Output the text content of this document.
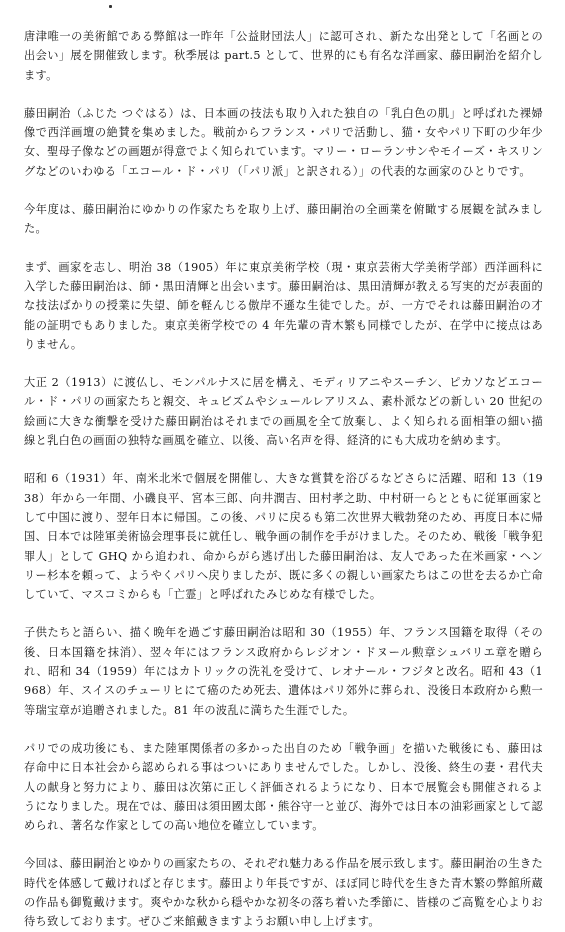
唐津唯一の美術館である弊館は一昨年「公益財団法人」に認可され、新たな出発として「名画との出会い」展を開催致します。秋季展は part.5 として、世界的にも有名な洋画家、藤田嗣治を紹介します。

藤田嗣治（ふじた つぐはる）は、日本画の技法も取り入れた独自の「乳白色の肌」と呼ばれた裸婦像で西洋画壇の絶賛を集めました。戦前からフランス・パリで活動し、猫・女やパリ下町の少年少女、聖母子像などの画題が得意でよく知られています。マリー・ローランサンやモイーズ・キスリングなどのいわゆる「エコール・ド・パリ（「パリ派」と訳される）」の代表的な画家のひとりです。

今年度は、藤田嗣治にゆかりの作家たちを取り上げ、藤田嗣治の全画業を俯瞰する展観を試みました。

まず、画家を志し、明治 38（1905）年に東京美術学校（現・東京芸術大学美術学部）西洋画科に入学した藤田嗣治は、師・黒田清輝と出会います。藤田嗣治は、黒田清輝が教える写実的だが表面的な技法ばかりの授業に失望、師を軽んじる傲岸不遜な生徒でした。が、一方でそれは藤田嗣治の才能の証明でもありました。東京美術学校での 4 年先輩の青木繁も同様でしたが、在学中に接点はありません。

大正 2（1913）に渡仏し、モンパルナスに居を構え、モディリアニやスーチン、ピカソなどエコール・ド・パリの画家たちと親交、キュビズムやシュールレアリスム、素朴派などの新しい 20 世紀の絵画に大きな衝撃を受けた藤田嗣治はそれまでの画風を全て放棄し、よく知られる面相筆の細い描線と乳白色の画面の独特な画風を確立、以後、高い名声を得、経済的にも大成功を納めます。

昭和 6（1931）年、南米北米で個展を開催し、大きな賞賛を浴びるなどさらに活躍、昭和 13（1938）年から一年間、小磯良平、宮本三郎、向井潤吉、田村孝之助、中村研一らとともに従軍画家として中国に渡り、翌年日本に帰国。この後、パリに戻るも第二次世界大戦勃発のため、再度日本に帰国、日本では陸軍美術協会理事長に就任し、戦争画の制作を手がけました。そのため、戦後「戦争犯罪人」として GHQ から追われ、命からがら逃げ出した藤田嗣治は、友人であった在米画家・ヘンリー杉本を頼って、ようやくパリへ戻りましたが、既に多くの親しい画家たちはこの世を去るか亡命していて、マスコミからも「亡霊」と呼ばれたみじめな有様でした。

子供たちと語らい、描く晩年を過ごす藤田嗣治は昭和 30（1955）年、フランス国籍を取得（その後、日本国籍を抹消）、翌々年にはフランス政府からレジオン・ドヌール勲章シュバリエ章を贈られ、昭和 34（1959）年にはカトリックの洗礼を受けて、レオナール・フジタと改名。昭和 43（1968）年、スイスのチューリヒにて癌のため死去、遺体はパリ郊外に葬られ、没後日本政府から勲一等瑞宝章が追贈されました。81 年の波乱に満ちた生涯でした。

パリでの成功後にも、また陸軍関係者の多かった出自のため「戦争画」を描いた戦後にも、藤田は存命中に日本社会から認められる事はついにありませんでした。しかし、没後、終生の妻・君代夫人の献身と努力により、藤田は次第に正しく評価されるようになり、日本で展覧会も開催されるようになりました。現在では、藤田は須田國太郎・熊谷守一と並び、海外では日本の油彩画家として認められ、著名な作家としての高い地位を確立しています。

今回は、藤田嗣治とゆかりの画家たちの、それぞれ魅力ある作品を展示致します。藤田嗣治の生きた時代を体感して戴ければと存じます。藤田より年長ですが、ほぼ同じ時代を生きた青木繁の弊館所蔵の作品も御覧戴けます。爽やかな秋から穏やかな初冬の落ち着いた季節に、皆様のご高覧を心よりお待ち致しております。ぜひご来館戴きますようお願い申し上げます。
